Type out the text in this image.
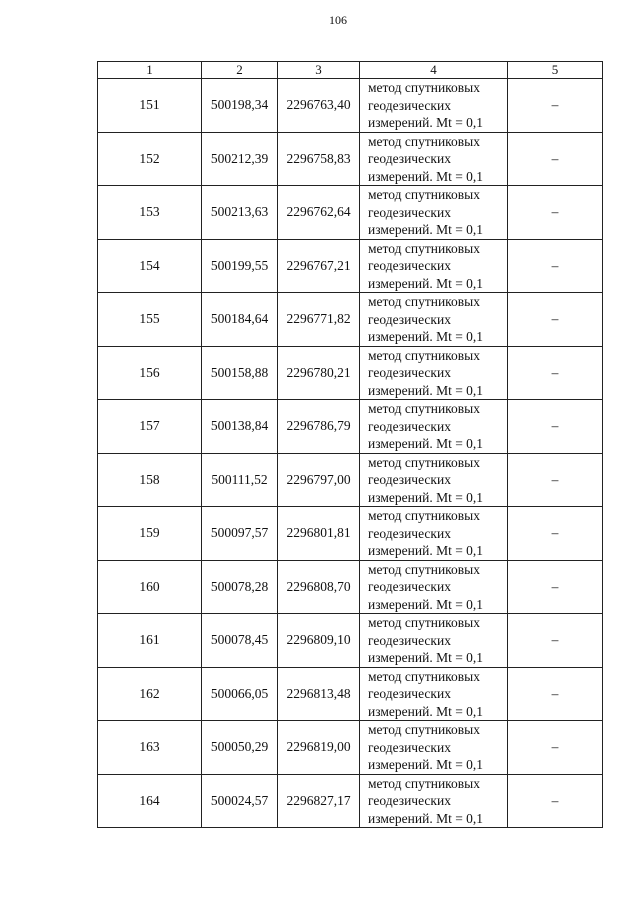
106
1	2	3	4	5
151	500198,34	2296763,40	метод спутниковых
геодезических
измерений. Mt = 0,1	–
152	500212,39	2296758,83	метод спутниковых
геодезических
измерений. Mt = 0,1	–
153	500213,63	2296762,64	метод спутниковых
геодезических
измерений. Mt = 0,1	–
154	500199,55	2296767,21	метод спутниковых
геодезических
измерений. Mt = 0,1	–
155	500184,64	2296771,82	метод спутниковых
геодезических
измерений. Mt = 0,1	–
156	500158,88	2296780,21	метод спутниковых
геодезических
измерений. Mt = 0,1	–
157	500138,84	2296786,79	метод спутниковых
геодезических
измерений. Mt = 0,1	–
158	500111,52	2296797,00	метод спутниковых
геодезических
измерений. Mt = 0,1	–
159	500097,57	2296801,81	метод спутниковых
геодезических
измерений. Mt = 0,1	–
160	500078,28	2296808,70	метод спутниковых
геодезических
измерений. Mt = 0,1	–
161	500078,45	2296809,10	метод спутниковых
геодезических
измерений. Mt = 0,1	–
162	500066,05	2296813,48	метод спутниковых
геодезических
измерений. Mt = 0,1	–
163	500050,29	2296819,00	метод спутниковых
геодезических
измерений. Mt = 0,1	–
164	500024,57	2296827,17	метод спутниковых
геодезических
измерений. Mt = 0,1	–
